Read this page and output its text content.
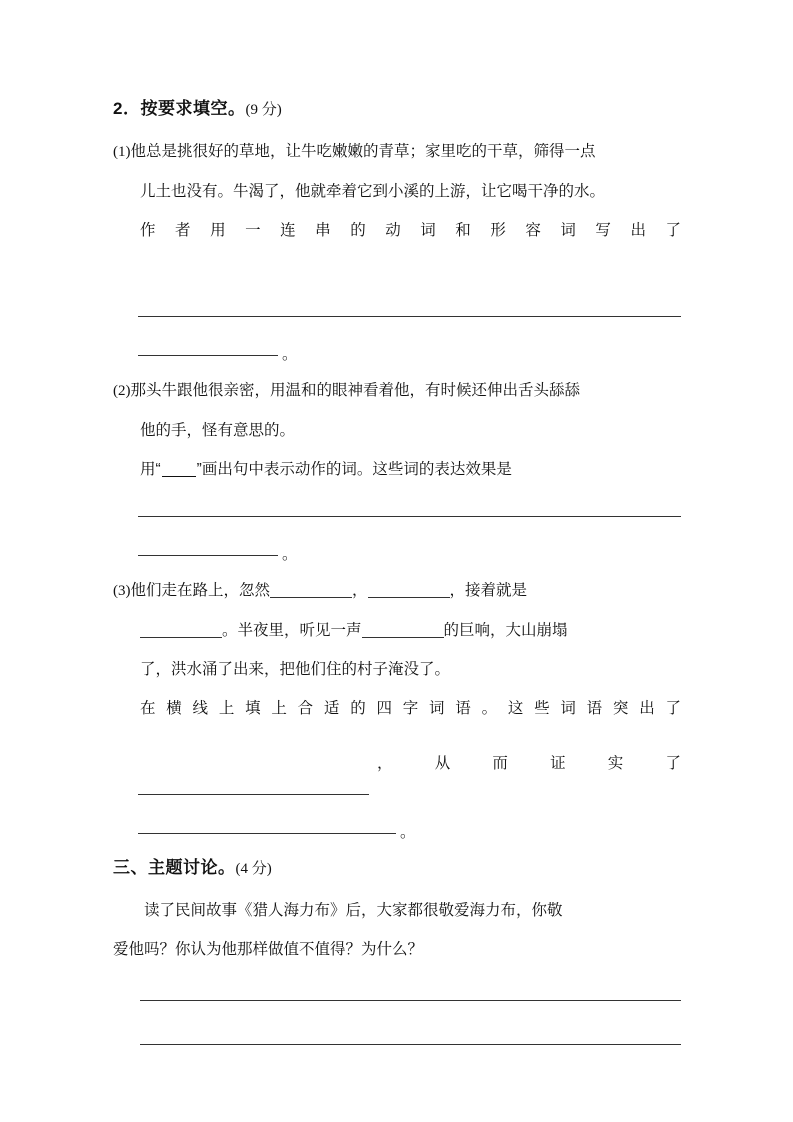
2．按要求填空。(9 分)

(1)他总是挑很好的草地，让牛吃嫩嫩的青草；家里吃的干草，筛得一点

儿土也没有。牛渴了，他就牵着它到小溪的上游，让它喝干净的水。

作者用一连串的动词和形容词写出了

。

(2)那头牛跟他很亲密，用温和的眼神看着他，有时候还伸出舌头舔舔

他的手，怪有意思的。

用“ ”画出句中表示动作的词。这些词的表达效果是

。

(3)他们走在路上，忽然	，	，接着就是

。半夜里，听见一声	的巨响，大山崩塌

了，洪水涌了出来，把他们住的村子淹没了。

在横线上填上合适的四字词语。这些词语突出了

，从而证实了
。
三、主题讨论。(4 分)

读了民间故事《猎人海力布》后，大家都很敬爱海力布，你敬

爱他吗？你认为他那样做值不值得？为什么？
